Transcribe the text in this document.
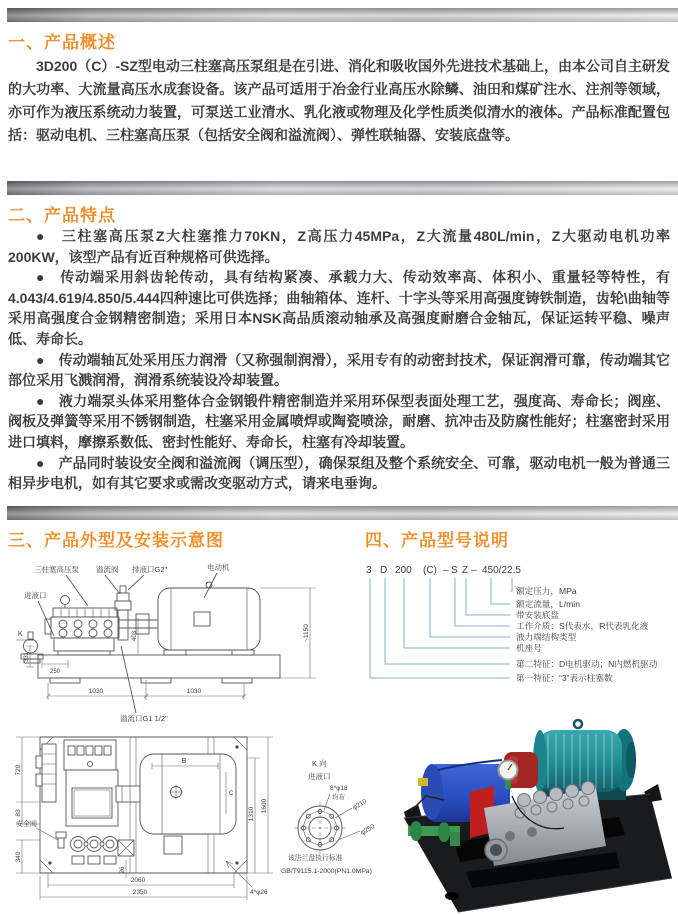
一、产品概述

3D200（C）-SZ型电动三柱塞高压泵组是在引进、消化和吸收国外先进技术基础上，由本公司自主研发的大功率、大流量高压水成套设备。该产品可适用于冶金行业高压水除鳞、油田和煤矿注水、注剂等领域，亦可作为液压系统动力装置，可泵送工业清水、乳化液或物理及化学性质类似清水的液体。产品标准配置包括：驱动电机、三柱塞高压泵（包括安全阀和溢流阀）、弹性联轴器、安装底盘等。

二、产品特点

●　三柱塞高压泵Z大柱塞推力70KN，Z高压力45MPa，Z大流量480L/min，Z大驱动电机功率200KW，该型产品有近百种规格可供选择。

●　传动端采用斜齿轮传动，具有结构紧凑、承载力大、传动效率高、体积小、重量轻等特性，有4.043/4.619/4.850/5.444四种速比可供选择；曲轴箱体、连杆、十字头等采用高强度铸铁制造，齿轮\曲轴等采用高强度合金钢精密制造；采用日本NSK高品质滚动轴承及高强度耐磨合金轴瓦，保证运转平稳、噪声低、寿命长。

●　传动端轴瓦处采用压力润滑（又称强制润滑），采用专有的动密封技术，保证润滑可靠，传动端其它部位采用飞溅润滑，润滑系统装设冷却装置。

●　液力端泵头体采用整体合金钢锻件精密制造并采用环保型表面处理工艺，强度高、寿命长；阀座、阀板及弹簧等采用不锈钢制造，柱塞采用金属喷焊或陶瓷喷涂，耐磨、抗冲击及防腐性能好；柱塞密封采用进口填料，摩擦系数低、密封性能好、寿命长，柱塞有冷却装置。

●　产品同时装设安全阀和溢流阀（调压型），确保泵组及整个系统安全、可靠，驱动电机一般为普通三相异步电机，如有其它要求或需改变驱动方式，请来电垂询。

三、产品外型及安装示意图	四、产品型号说明
三柱塞高压泵 溢流阀 排液口G2"	电动机
进液口
溢流口G1 1/2"
K
331
250
1030	1030
403	~1150
安全阀
720
83
340
B
C
1310
1600
26
2060
2350	4*φ26
K 向
进液口
8*φ18
均布
φ210
φ250
该法兰盘执行标准
GB/T9115.1-2000(PN1.0MPa)
3 D 200 (C) – S Z – 450/22.5
额定压力，MPa
额定流量，L/min
带安装底盘
工作介质：S代表水，R代表乳化液
液力端结构类型
机座号
第二特征：D电机驱动；N内燃机驱动
第一特征：“3”表示柱塞数
